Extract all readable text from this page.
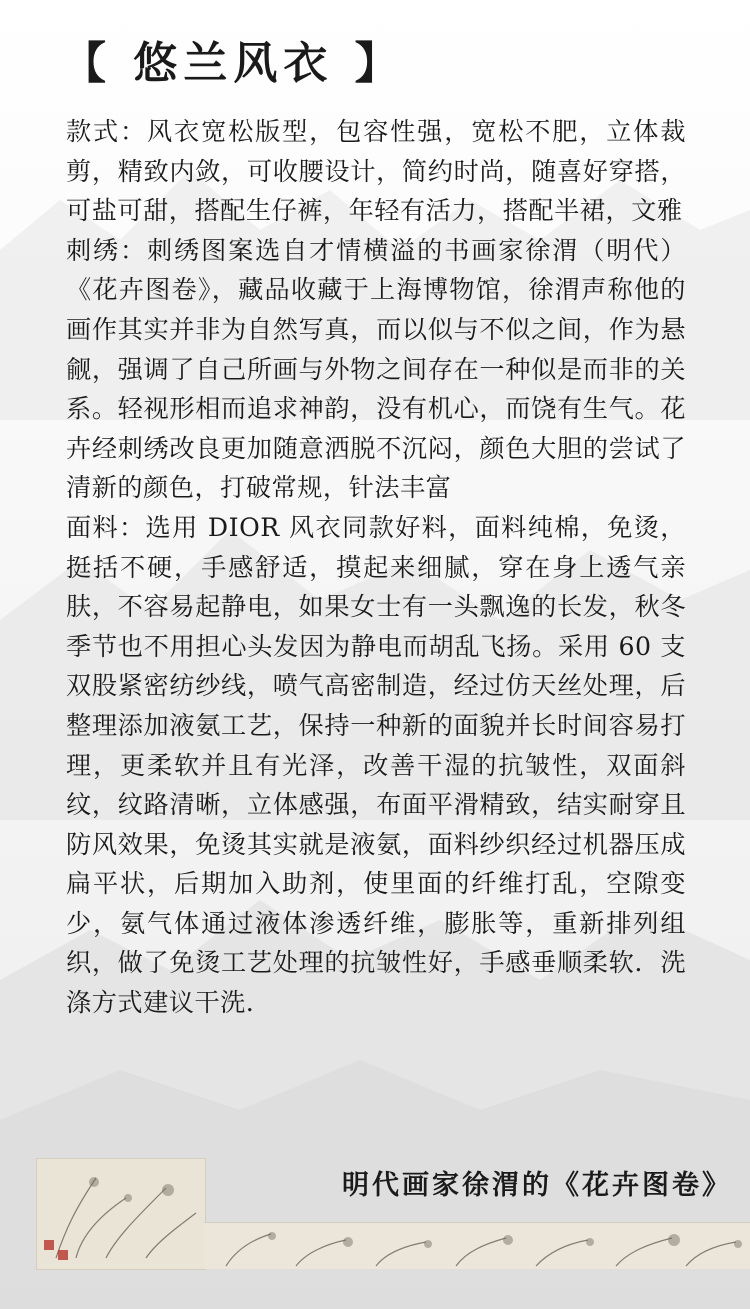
【 悠兰风衣 】

款式：风衣宽松版型，包容性强，宽松不肥，立体裁剪，精致内敛，可收腰设计，简约时尚，随喜好穿搭，可盐可甜，搭配生仔裤，年轻有活力，搭配半裙，文雅

刺绣：刺绣图案选自才情横溢的书画家徐渭（明代）《花卉图卷》，藏品收藏于上海博物馆，徐渭声称他的画作其实并非为自然写真，而以似与不似之间，作为悬觎，强调了自己所画与外物之间存在一种似是而非的关系。轻视形相而追求神韵，没有机心，而饶有生气。花卉经刺绣改良更加随意洒脱不沉闷，颜色大胆的尝试了清新的颜色，打破常规，针法丰富

面料：选用 DIOR 风衣同款好料，面料纯棉，免烫，挺括不硬，手感舒适，摸起来细腻，穿在身上透气亲肤，不容易起静电，如果女士有一头飘逸的长发，秋冬季节也不用担心头发因为静电而胡乱飞扬。采用 60 支双股紧密纺纱线，喷气高密制造，经过仿天丝处理，后整理添加液氨工艺，保持一种新的面貌并长时间容易打理，更柔软并且有光泽，改善干湿的抗皱性，双面斜纹，纹路清晰，立体感强，布面平滑精致，结实耐穿且防风效果，免烫其实就是液氨，面料纱织经过机器压成扁平状，后期加入助剂，使里面的纤维打乱，空隙变少，氨气体通过液体渗透纤维，膨胀等，重新排列组织，做了免烫工艺处理的抗皱性好，手感垂顺柔软．洗涤方式建议干洗．

明代画家徐渭的《花卉图卷》
